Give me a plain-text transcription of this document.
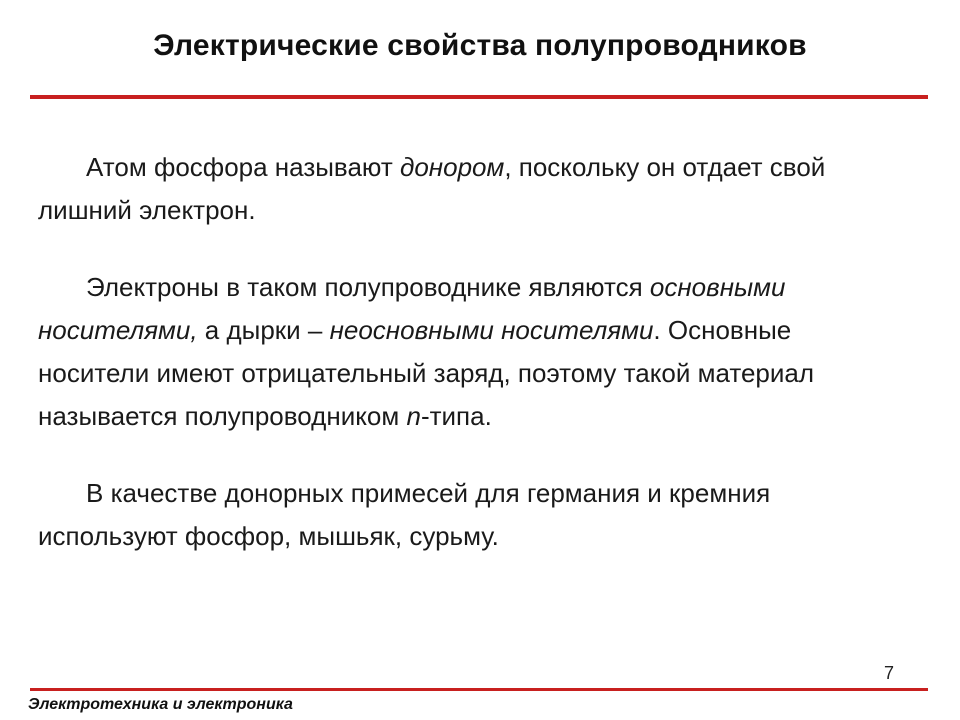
Электрические свойства полупроводников

Атом фосфора называют донором, поскольку он отдает свой лишний электрон.

Электроны в таком полупроводнике являются основными носителями, а дырки – неосновными носителями. Основные носители имеют отрицательный заряд, поэтому такой материал называется полупроводником n-типа.

В качестве донорных примесей для германия и кремния используют фосфор, мышьяк, сурьму.

7
Электротехника и электроника
